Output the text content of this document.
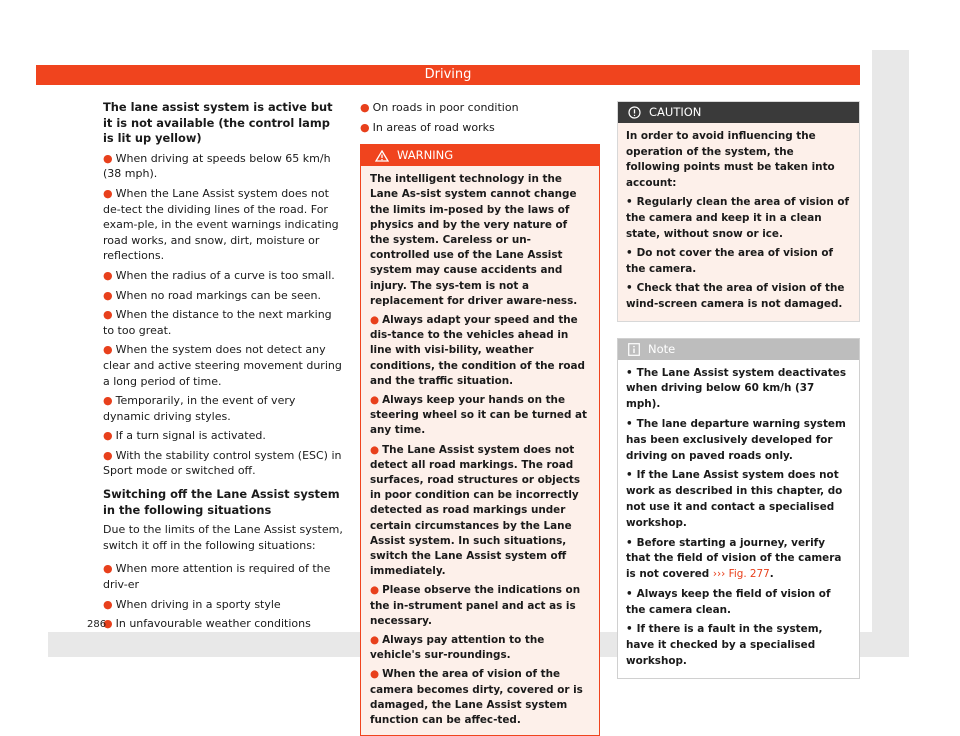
Driving

The lane assist system is active but it is not available (the control lamp is lit up yellow)

● When driving at speeds below 65 km/h (38 mph).

● When the Lane Assist system does not de-tect the dividing lines of the road. For exam-ple, in the event warnings indicating road works, and snow, dirt, moisture or reflections.

● When the radius of a curve is too small.

● When no road markings can be seen.

● When the distance to the next marking to too great.

● When the system does not detect any clear and active steering movement during a long period of time.

● Temporarily, in the event of very dynamic driving styles.

● If a turn signal is activated.

● With the stability control system (ESC) in Sport mode or switched off.

Switching off the Lane Assist system in the following situations

Due to the limits of the Lane Assist system, switch it off in the following situations:

● When more attention is required of the driv-er

● When driving in a sporty style

● In unfavourable weather conditions

● On roads in poor condition

● In areas of road works

WARNING

The intelligent technology in the Lane As-sist system cannot change the limits im-posed by the laws of physics and by the very nature of the system. Careless or un-controlled use of the Lane Assist system may cause accidents and injury. The sys-tem is not a replacement for driver aware-ness.

● Always adapt your speed and the dis-tance to the vehicles ahead in line with visi-bility, weather conditions, the condition of the road and the traffic situation.

● Always keep your hands on the steering wheel so it can be turned at any time.

● The Lane Assist system does not detect all road markings. The road surfaces, road structures or objects in poor condition can be incorrectly detected as road markings under certain circumstances by the Lane Assist system. In such situations, switch the Lane Assist system off immediately.

● Please observe the indications on the in-strument panel and act as is necessary.

● Always pay attention to the vehicle's sur-roundings.

● When the area of vision of the camera becomes dirty, covered or is damaged, the Lane Assist system function can be affec-ted.

CAUTION

In order to avoid influencing the operation of the system, the following points must be taken into account:

• Regularly clean the area of vision of the camera and keep it in a clean state, without snow or ice.

• Do not cover the area of vision of the camera.

• Check that the area of vision of the wind-screen camera is not damaged.

Note

• The Lane Assist system deactivates when driving below 60 km/h (37 mph).

• The lane departure warning system has been exclusively developed for driving on paved roads only.

• If the Lane Assist system does not work as described in this chapter, do not use it and contact a specialised workshop.

• Before starting a journey, verify that the field of vision of the camera is not covered ››› Fig. 277.

• Always keep the field of vision of the camera clean.

• If there is a fault in the system, have it checked by a specialised workshop.

286
